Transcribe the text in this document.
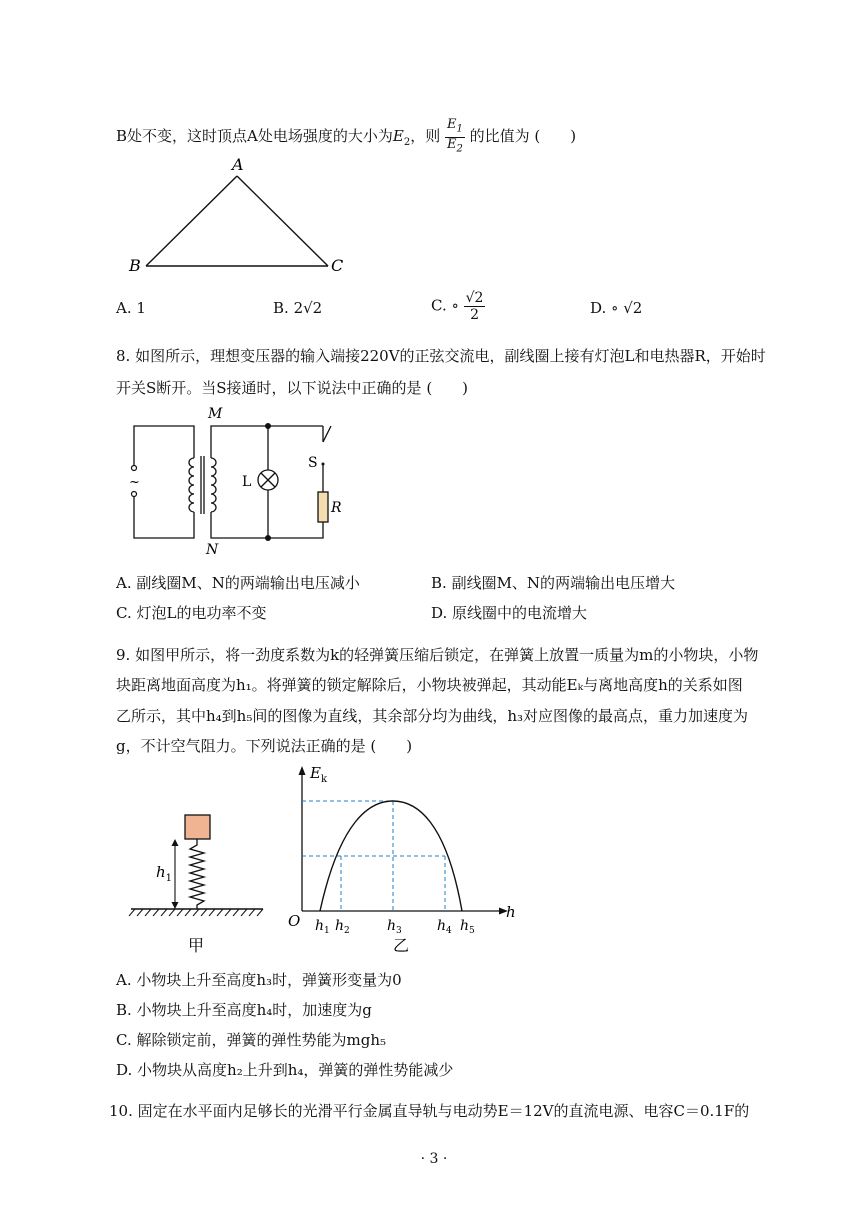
B处不变，这时顶点A处电场强度的大小为$E_2$，则 $\frac{E_1}{E_2}$ 的比值为 (　　)
A
B	C
A. 1	B. 2√2	C. ∘ $\frac{√2}{2}$	D. ∘ √2
8. 如图所示，理想变压器的输入端接220V的正弦交流电，副线圈上接有灯泡L和电热器R，开始时
开关S断开。当S接通时，以下说法中正确的是 (　　)
~	L
S
R
M
N
A. 副线圈M、N的两端输出电压减小	B. 副线圈M、N的两端输出电压增大
C. 灯泡L的电功率不变	D. 原线圈中的电流增大
9. 如图甲所示，将一劲度系数为k的轻弹簧压缩后锁定，在弹簧上放置一质量为m的小物块，小物
块距离地面高度为h₁。将弹簧的锁定解除后，小物块被弹起，其动能Eₖ与离地高度h的关系如图
乙所示，其中h₄到h₅间的图像为直线，其余部分均为曲线，h₃对应图像的最高点，重力加速度为
g，不计空气阻力。下列说法正确的是 (　　)
$h_1$
甲
$E_k$
h
O $h_1$ $h_2$	$h_3$	$h_4$ $h_5$
乙
A. 小物块上升至高度h₃时，弹簧形变量为0
B. 小物块上升至高度h₄时，加速度为g
C. 解除锁定前，弹簧的弹性势能为mgh₅
D. 小物块从高度h₂上升到h₄，弹簧的弹性势能减少
10. 固定在水平面内足够长的光滑平行金属直导轨与电动势E＝12V的直流电源、电容C＝0.1F的
· 3 ·
